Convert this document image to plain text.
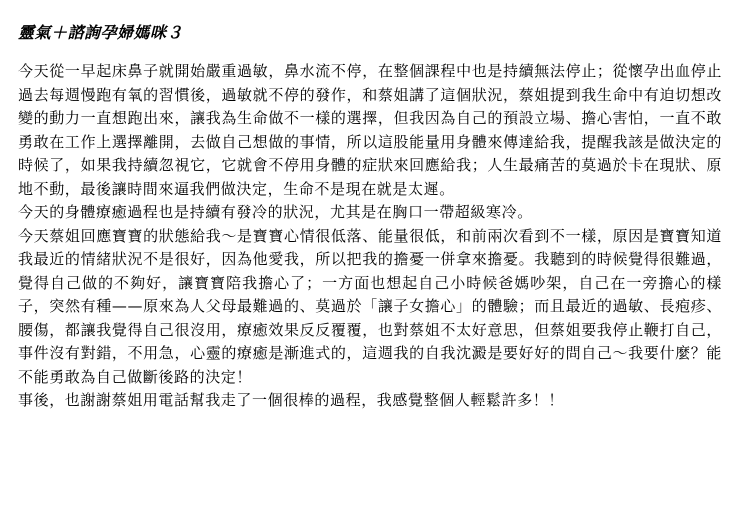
靈氣＋諮詢孕婦媽咪３

今天從一早起床鼻子就開始嚴重過敏，鼻水流不停，在整個課程中也是持續無法停止；從懷孕出血停止過去每週慢跑有氧的習慣後，過敏就不停的發作，和蔡姐講了這個狀況，蔡姐提到我生命中有迫切想改變的動力一直想跑出來，讓我為生命做不一樣的選擇，但我因為自己的預設立場、擔心害怕，一直不敢勇敢在工作上選擇離開，去做自己想做的事情，所以這股能量用身體來傳達給我，提醒我該是做決定的時候了，如果我持續忽視它，它就會不停用身體的症狀來回應給我；人生最痛苦的莫過於卡在現狀、原地不動，最後讓時間來逼我們做決定，生命不是現在就是太遲。

今天的身體療癒過程也是持續有發冷的狀況，尤其是在胸口一帶超級寒冷。

今天蔡姐回應寶寶的狀態給我～是寶寶心情很低落、能量很低，和前兩次看到不一樣，原因是寶寶知道我最近的情緒狀況不是很好，因為他愛我，所以把我的擔憂一併拿來擔憂。我聽到的時候覺得很難過，覺得自己做的不夠好，讓寶寶陪我擔心了；一方面也想起自己小時候爸媽吵架，自己在一旁擔心的樣子，突然有種——原來為人父母最難過的、莫過於「讓子女擔心」的體驗；而且最近的過敏、長疱疹、腰傷，都讓我覺得自己很沒用，療癒效果反反覆覆，也對蔡姐不太好意思，但蔡姐要我停止鞭打自己，事件沒有對錯，不用急，心靈的療癒是漸進式的，這週我的自我沈澱是要好好的問自己～我要什麼？能不能勇敢為自己做斷後路的決定！

事後，也謝謝蔡姐用電話幫我走了一個很棒的過程，我感覺整個人輕鬆許多！！
